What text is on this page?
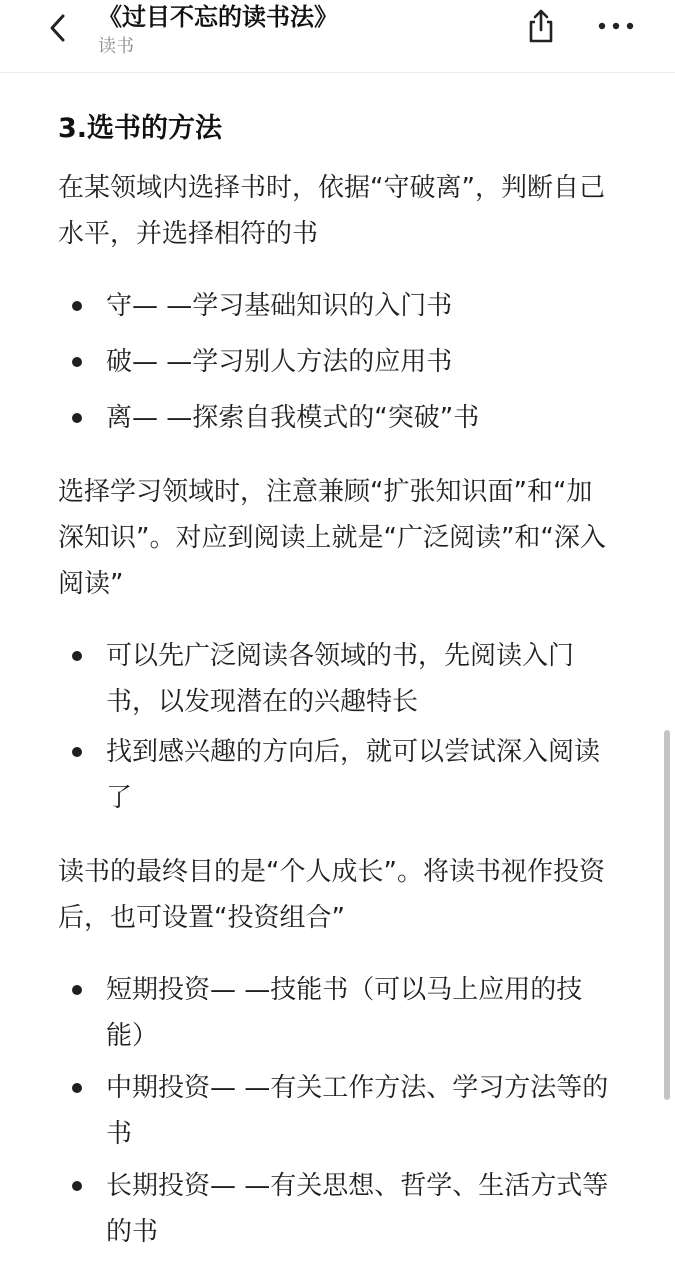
《过目不忘的读书法》
读书
3.选书的方法
在某领域内选择书时，依据“守破离”，判断自己水平，并选择相符的书
守— —学习基础知识的入门书
破— —学习别人方法的应用书
离— —探索自我模式的“突破”书
选择学习领域时，注意兼顾“扩张知识面”和“加深知识”。对应到阅读上就是“广泛阅读”和“深入阅读”
可以先广泛阅读各领域的书，先阅读入门书，以发现潜在的兴趣特长
找到感兴趣的方向后，就可以尝试深入阅读了
读书的最终目的是“个人成长”。将读书视作投资后，也可设置“投资组合”
短期投资— —技能书（可以马上应用的技能）
中期投资— —有关工作方法、学习方法等的书
长期投资— —有关思想、哲学、生活方式等的书
